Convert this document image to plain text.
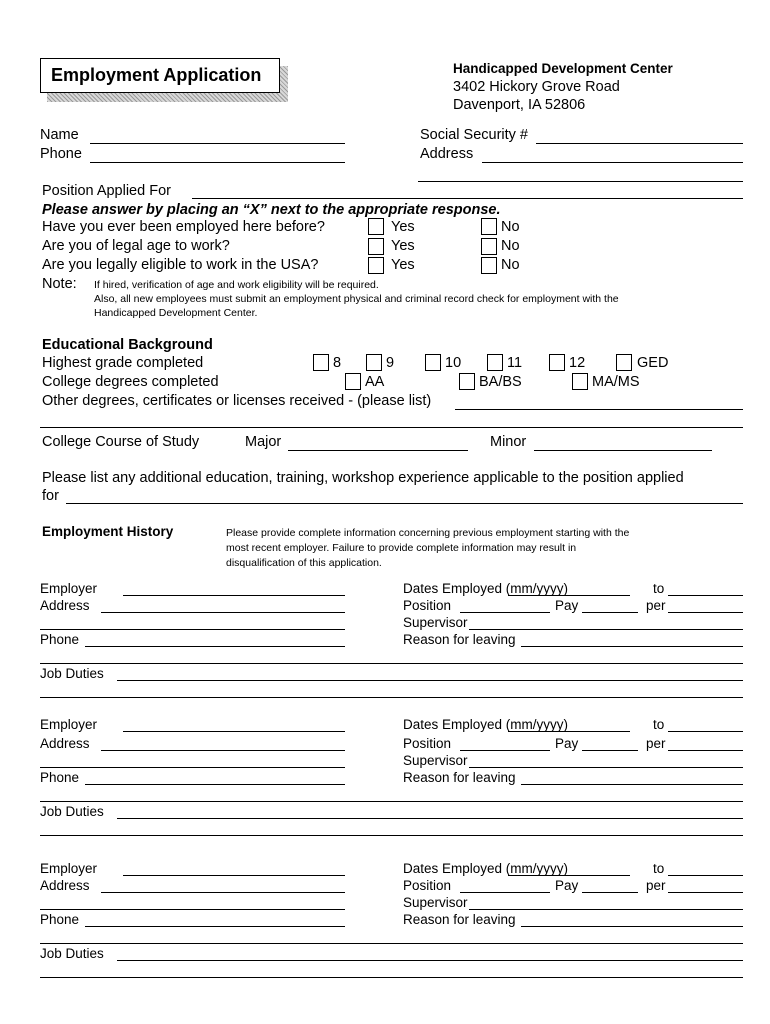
Employment Application	Handicapped Development Center
3402 Hickory Grove Road
Davenport, IA 52806
Name
Phone
Social Security #
Address
Position Applied For
Please answer by placing an “X” next to the appropriate response.
Have you ever been employed here before?	Yes	No
Are you of legal age to work?	Yes	No
Are you legally eligible to work in the USA?	Yes	No
Note: If hired, verification of age and work eligibility will be required.
Also, all new employees must submit an employment physical and criminal record check for employment with the
Handicapped Development Center.
Educational Background
Highest grade completed	8	9	10	11	12	GED
College degrees completed	AA	BA/BS	MA/MS
Other degrees, certificates or licenses received - (please list)
College Course of Study	Major	Minor
Please list any additional education, training, workshop experience applicable to the position applied
for
Employment History	Please provide complete information concerning previous employment starting with the
most recent employer. Failure to provide complete information may result in
disqualification of this application.
Employer
Address
Phone
Dates Employed (mm/yyyy)	to
Position	Pay	per
Supervisor
Reason for leaving
Job Duties
Employer
Address
Phone
Dates Employed (mm/yyyy)	to
Position	Pay	per
Supervisor
Reason for leaving
Job Duties
Employer
Address
Phone
Dates Employed (mm/yyyy)	to
Position	Pay	per
Supervisor
Reason for leaving
Job Duties
